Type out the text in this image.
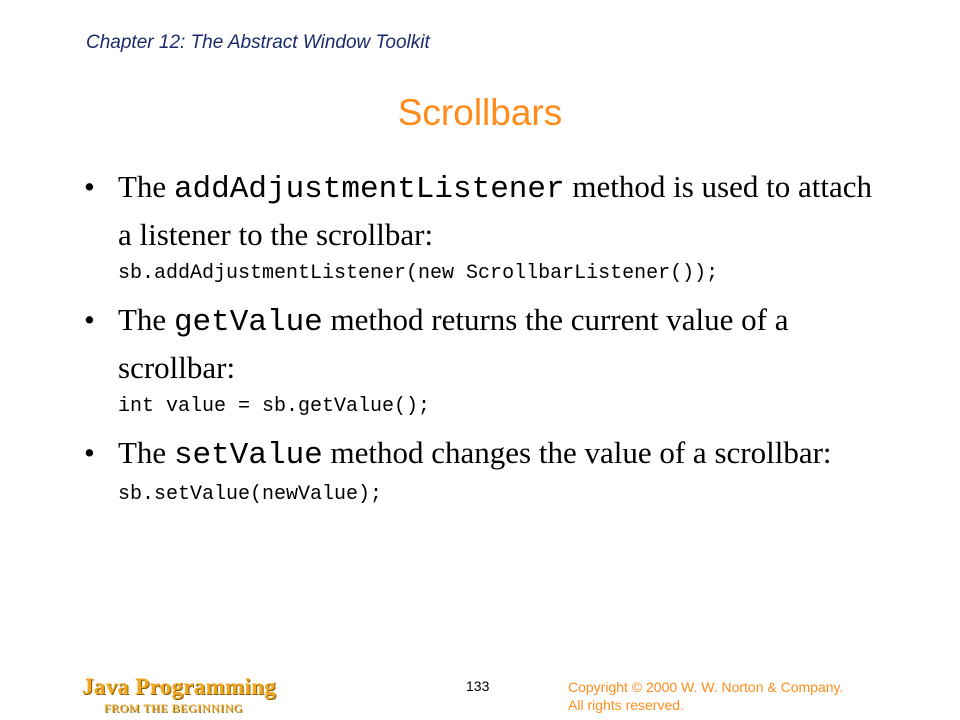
Chapter 12: The Abstract Window Toolkit
Scrollbars
• The addAdjustmentListener method is used to attach a listener to the scrollbar:
sb.addAdjustmentListener(new ScrollbarListener());
• The getValue method returns the current value of a scrollbar:
int value = sb.getValue();
• The setValue method changes the value of a scrollbar:
sb.setValue(newValue);
Java Programming
FROM THE BEGINNING
133	Copyright © 2000 W. W. Norton & Company.
All rights reserved.
